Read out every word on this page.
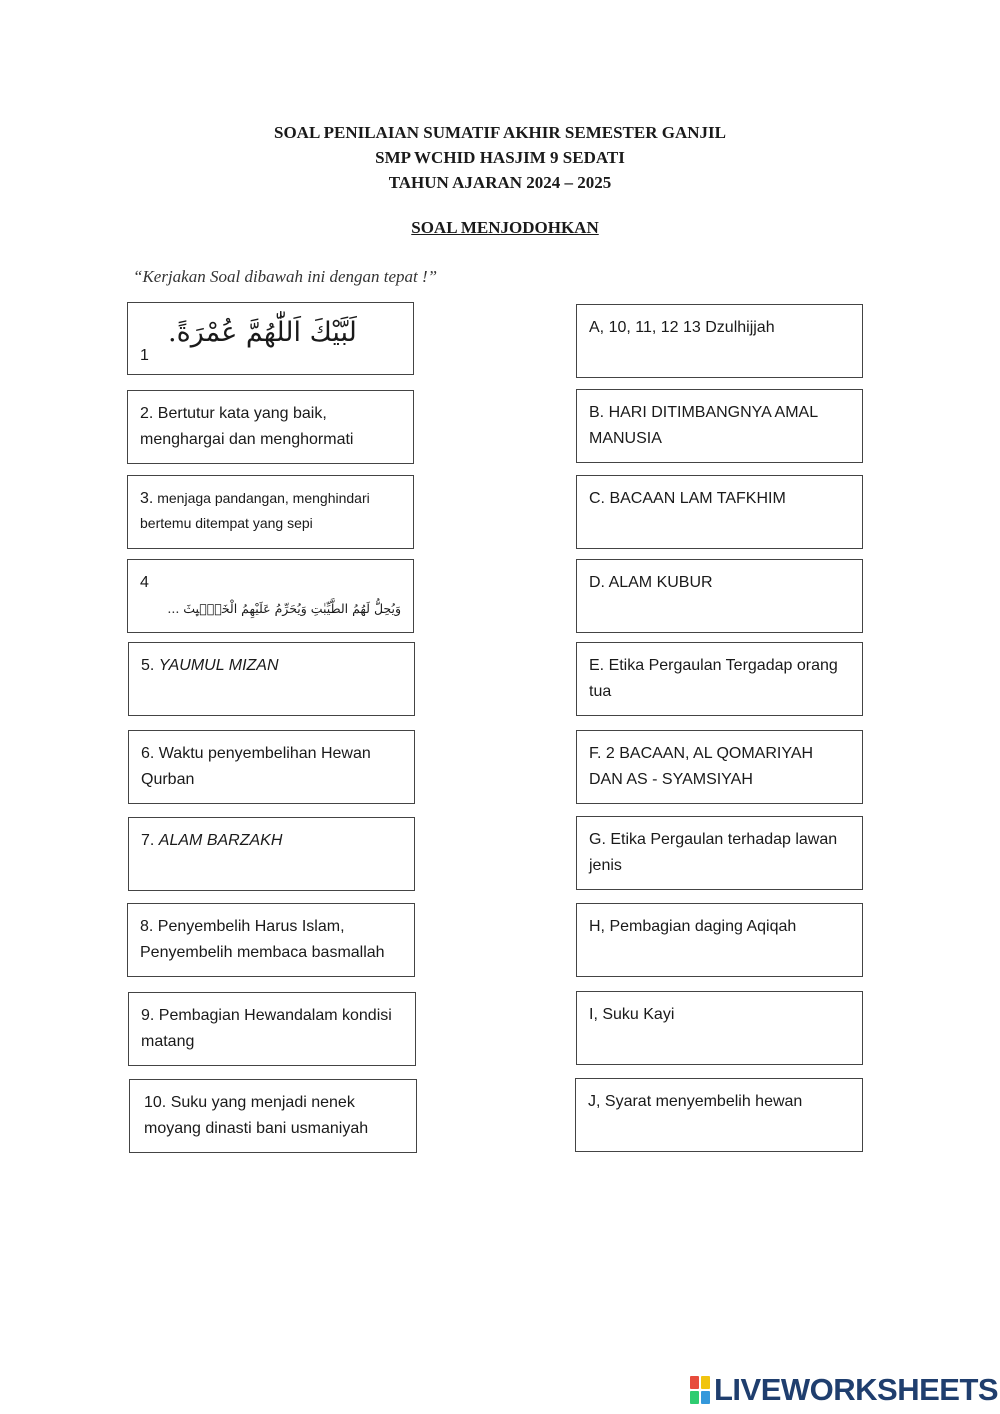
SOAL PENILAIAN SUMATIF AKHIR SEMESTER GANJIL
SMP WCHID HASJIM 9 SEDATI
TAHUN AJARAN 2024 – 2025
SOAL MENJODOHKAN
“Kerjakan Soal dibawah ini dengan tepat !”
لَبَّيْكَ اَللّٰهُمَّ عُمْرَةً.
1
2. Bertutur kata yang baik, menghargai dan menghormati
3. menjaga pandangan, menghindari bertemu ditempat yang sepi
4
وَيُحِلُّ لَهُمُ الطَّيِّبٰتِ وَيُحَرِّمُ عَلَيْهِمُ الْخَبٰۤىِٕثَ ...
5. YAUMUL MIZAN
6. Waktu penyembelihan Hewan Qurban
7. ALAM BARZAKH
8. Penyembelih Harus Islam, Penyembelih membaca basmallah
9. Pembagian Hewandalam kondisi matang
10. Suku yang menjadi nenek moyang dinasti bani usmaniyah
A, 10, 11, 12 13 Dzulhijjah
B. HARI DITIMBANGNYA AMAL MANUSIA
C. BACAAN LAM TAFKHIM
D. ALAM KUBUR
E. Etika Pergaulan Tergadap orang tua
F. 2 BACAAN, AL QOMARIYAH DAN AS - SYAMSIYAH
G. Etika Pergaulan terhadap lawan jenis
H, Pembagian daging Aqiqah
I, Suku Kayi
J, Syarat menyembelih hewan
LIVEWORKSHEETS
